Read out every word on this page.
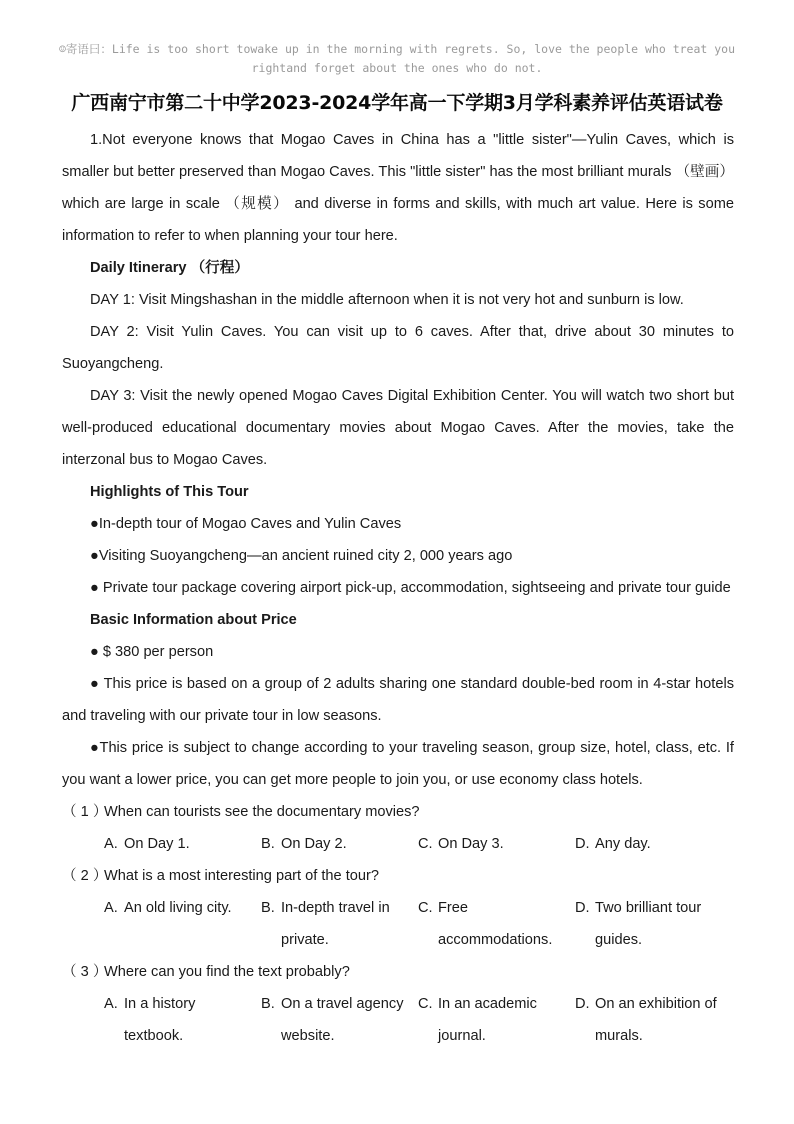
☺寄语曰：Life is too short towake up in the morning with regrets. So, love the people who treat you rightand forget about the ones who do not.
广西南宁市第二十中学2023-2024学年高一下学期3月学科素养评估英语试卷

1.Not everyone knows that Mogao Caves in China has a "little sister"—Yulin Caves, which is smaller but better preserved than Mogao Caves. This "little sister" has the most brilliant murals （壁画） which are large in scale （规模） and diverse in forms and skills, with much art value. Here is some information to refer to when planning your tour here.

Daily Itinerary （行程）

DAY 1: Visit Mingshashan in the middle afternoon when it is not very hot and sunburn is low.

DAY 2: Visit Yulin Caves. You can visit up to 6 caves. After that, drive about 30 minutes to Suoyangcheng.

DAY 3: Visit the newly opened Mogao Caves Digital Exhibition Center. You will watch two short but well-produced educational documentary movies about Mogao Caves. After the movies, take the interzonal bus to Mogao Caves.

Highlights of This Tour

●In-depth tour of Mogao Caves and Yulin Caves

●Visiting Suoyangcheng—an ancient ruined city 2, 000 years ago

● Private tour package covering airport pick-up, accommodation, sightseeing and private tour guide

Basic Information about Price

● $ 380 per person

● This price is based on a group of 2 adults sharing one standard double-bed room in 4-star hotels and traveling with our private tour in low seasons.

●This price is subject to change according to your traveling season, group size, hotel, class, etc. If you want a lower price, you can get more people to join you, or use economy class hotels.

（ 1 ）When can tourists see the documentary movies?

A. On Day 1.	B. On Day 2.	C. On Day 3.	D. Any day.

（ 2 ）What is a most interesting part of the tour?

A. An old living city.	B. In-depth travel in private.
C. Free accommodations.
D. Two brilliant tour guides.

（ 3 ）Where can you find the text probably?

A. In a history textbook.
B. On a travel agency website.
C. In an academic journal.
D. On an exhibition of murals.
